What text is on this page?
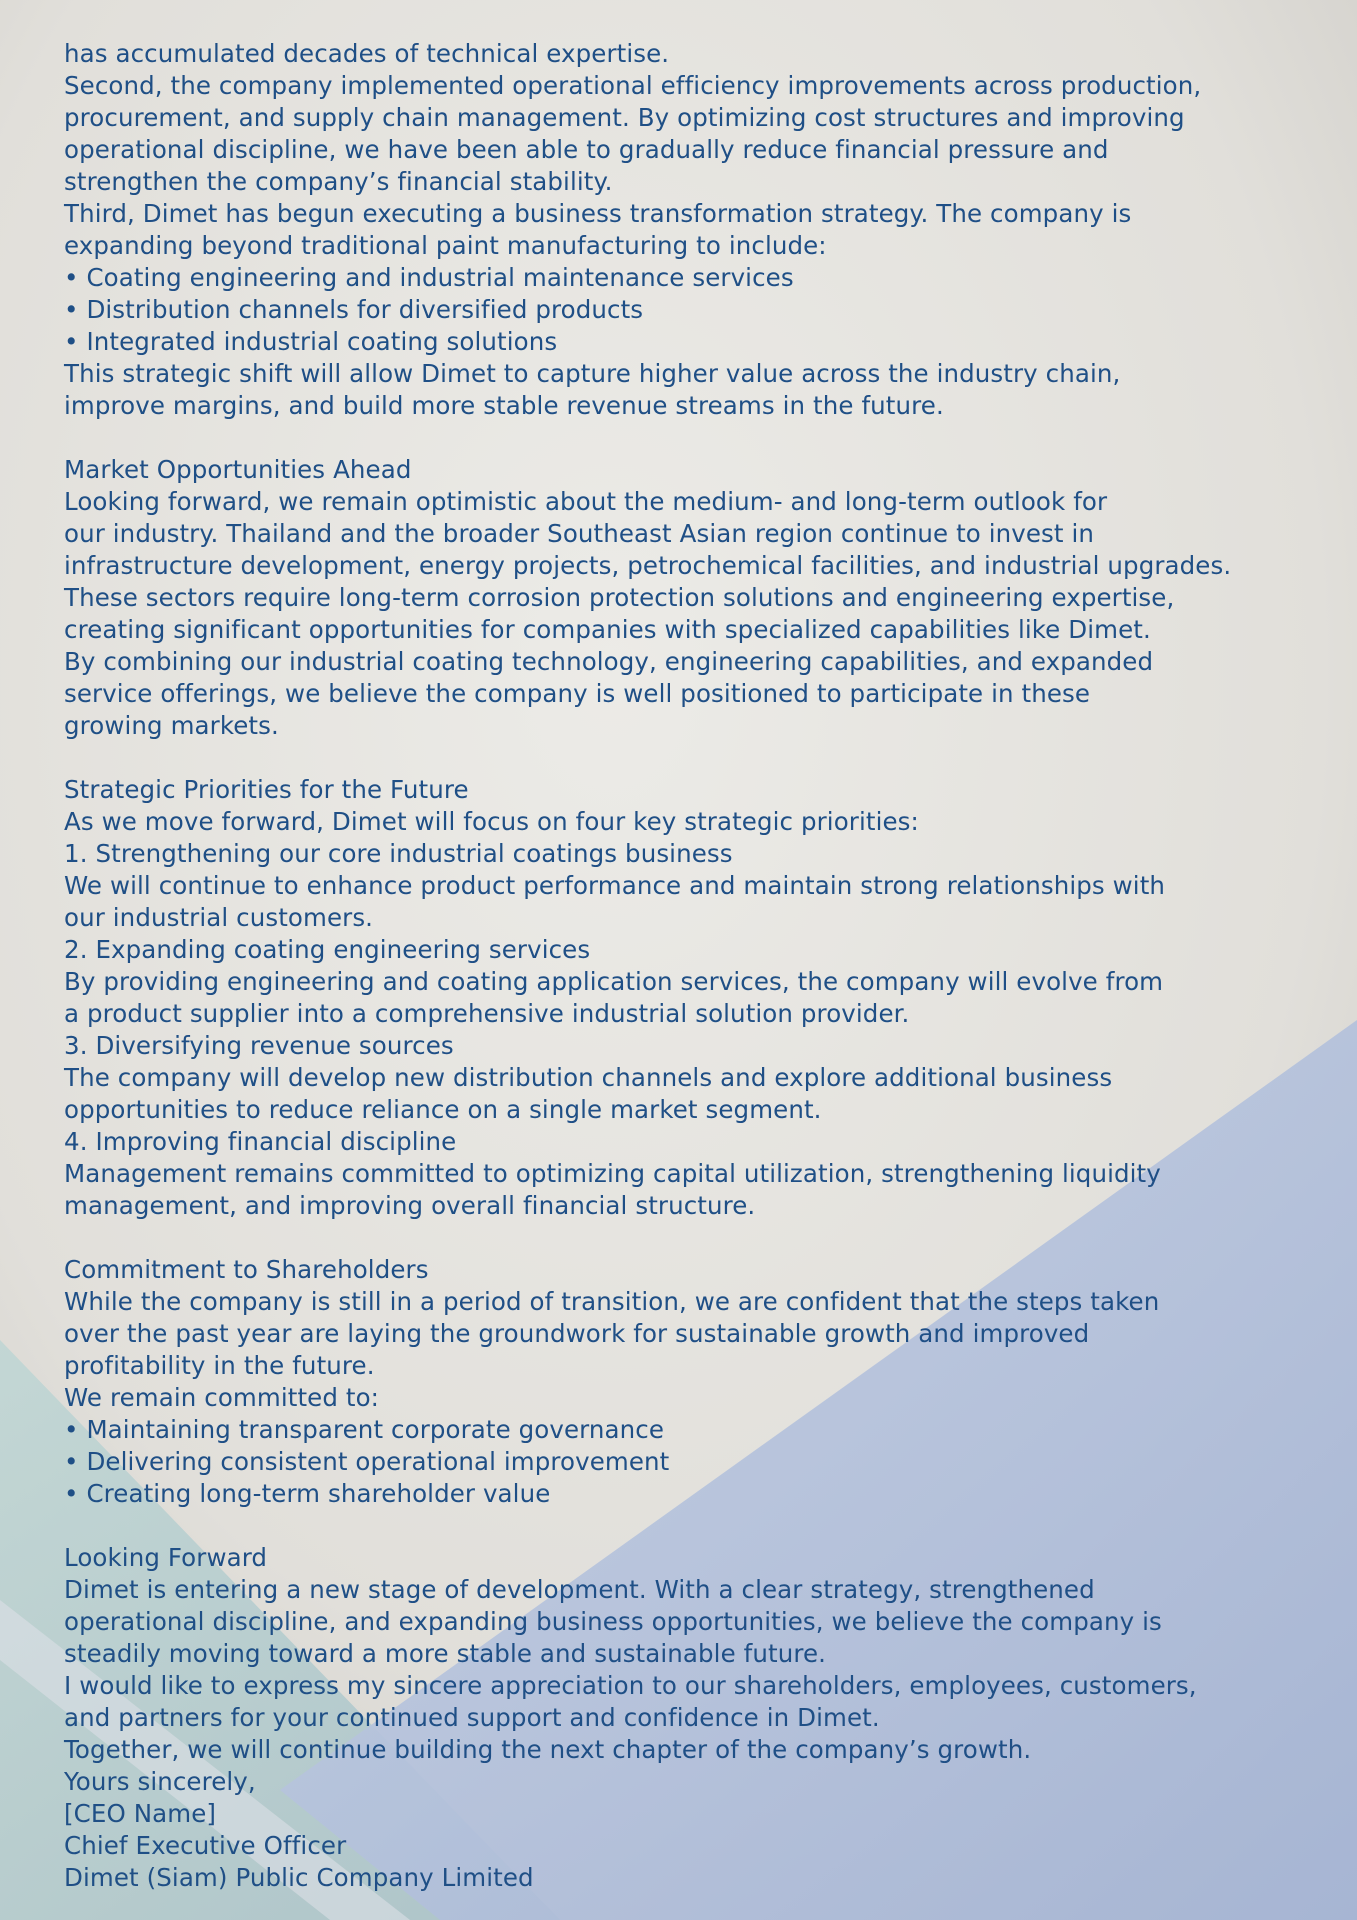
has accumulated decades of technical expertise.

Second, the company implemented operational efficiency improvements across production,

procurement, and supply chain management. By optimizing cost structures and improving

operational discipline, we have been able to gradually reduce financial pressure and

strengthen the company’s financial stability.

Third, Dimet has begun executing a business transformation strategy. The company is

expanding beyond traditional paint manufacturing to include:

• Coating engineering and industrial maintenance services

• Distribution channels for diversified products

• Integrated industrial coating solutions

This strategic shift will allow Dimet to capture higher value across the industry chain,

improve margins, and build more stable revenue streams in the future.

Market Opportunities Ahead

Looking forward, we remain optimistic about the medium- and long-term outlook for

our industry. Thailand and the broader Southeast Asian region continue to invest in

infrastructure development, energy projects, petrochemical facilities, and industrial upgrades.

These sectors require long-term corrosion protection solutions and engineering expertise,

creating significant opportunities for companies with specialized capabilities like Dimet.

By combining our industrial coating technology, engineering capabilities, and expanded

service offerings, we believe the company is well positioned to participate in these

growing markets.

Strategic Priorities for the Future

As we move forward, Dimet will focus on four key strategic priorities:

1. Strengthening our core industrial coatings business

We will continue to enhance product performance and maintain strong relationships with

our industrial customers.

2. Expanding coating engineering services

By providing engineering and coating application services, the company will evolve from

a product supplier into a comprehensive industrial solution provider.

3. Diversifying revenue sources

The company will develop new distribution channels and explore additional business

opportunities to reduce reliance on a single market segment.

4. Improving financial discipline

Management remains committed to optimizing capital utilization, strengthening liquidity

management, and improving overall financial structure.

Commitment to Shareholders

While the company is still in a period of transition, we are confident that the steps taken

over the past year are laying the groundwork for sustainable growth and improved

profitability in the future.

We remain committed to:

• Maintaining transparent corporate governance

• Delivering consistent operational improvement

• Creating long-term shareholder value

Looking Forward

Dimet is entering a new stage of development. With a clear strategy, strengthened

operational discipline, and expanding business opportunities, we believe the company is

steadily moving toward a more stable and sustainable future.

I would like to express my sincere appreciation to our shareholders, employees, customers,

and partners for your continued support and confidence in Dimet.

Together, we will continue building the next chapter of the company’s growth.

Yours sincerely,

[CEO Name]

Chief Executive Officer

Dimet (Siam) Public Company Limited
